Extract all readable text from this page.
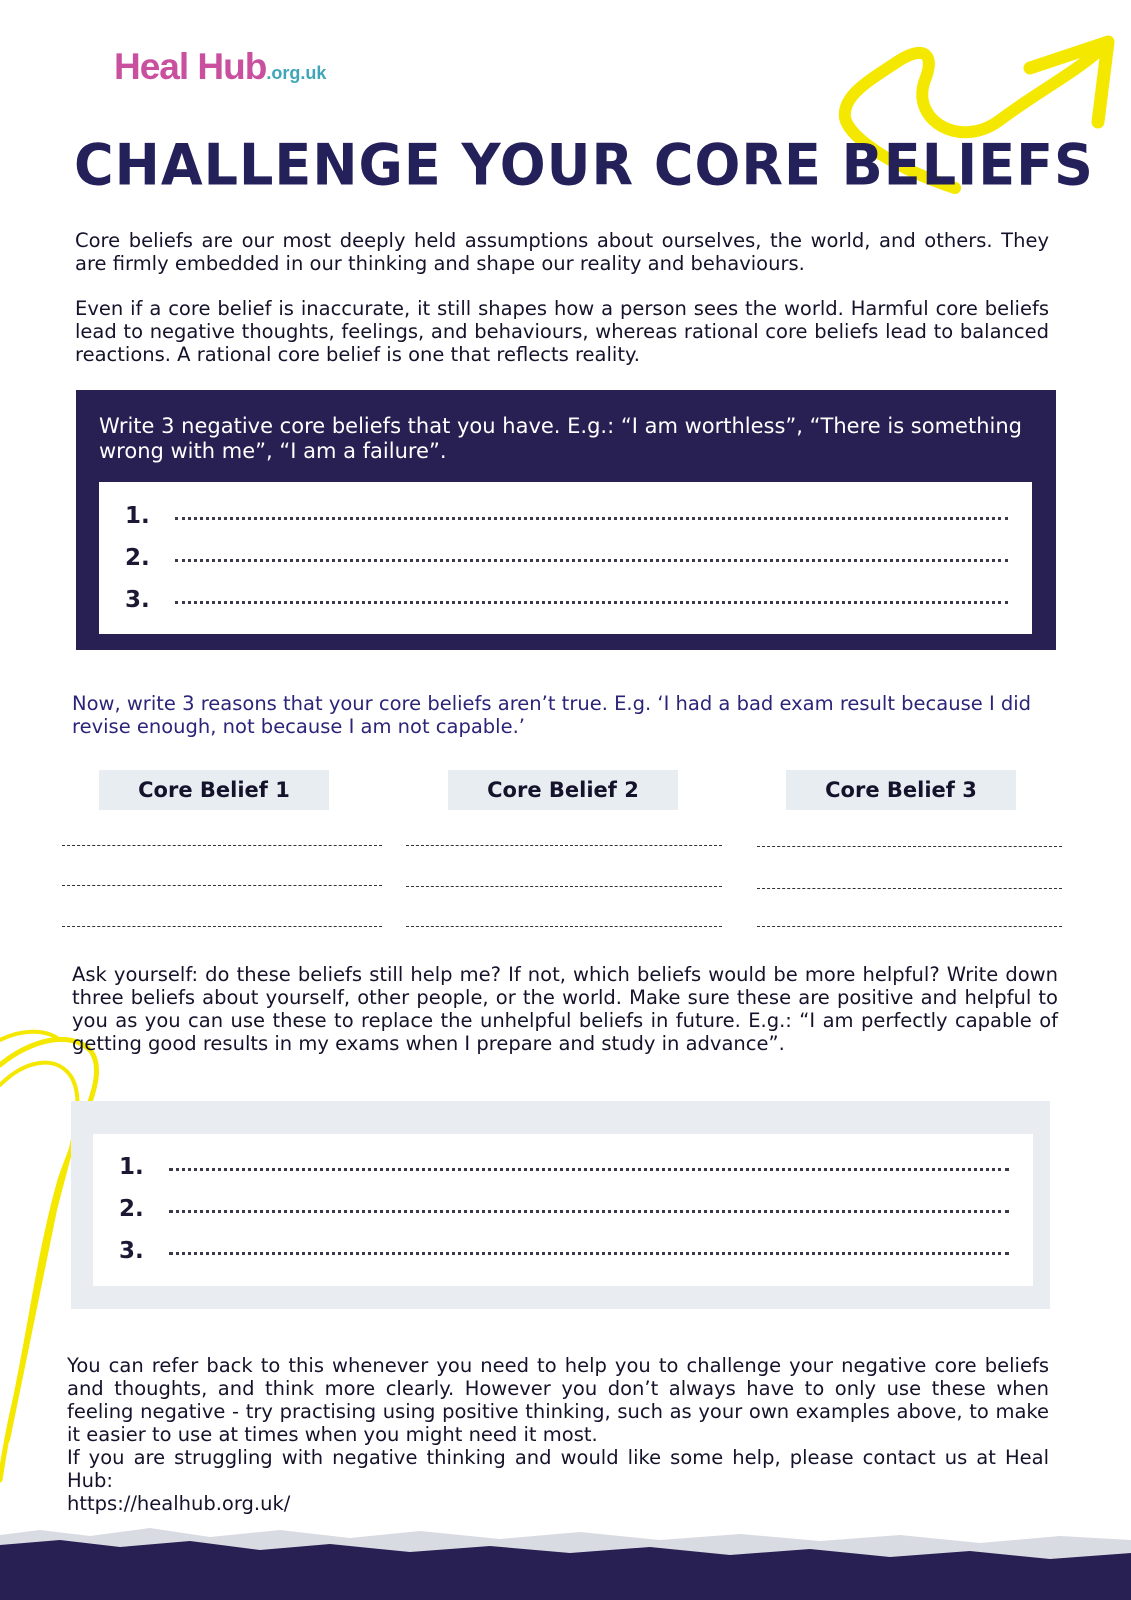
Heal Hub.org.uk
CHALLENGE YOUR CORE BELIEFS

Core beliefs are our most deeply held assumptions about ourselves, the world, and others. They are firmly embedded in our thinking and shape our reality and behaviours.

Even if a core belief is inaccurate, it still shapes how a person sees the world. Harmful core beliefs lead to negative thoughts, feelings, and behaviours, whereas rational core beliefs lead to balanced reactions. A rational core belief is one that reflects reality.

Write 3 negative core beliefs that you have. E.g.: “I am worthless”, “There is something wrong with me”, “I am a failure”.

1.
2.
3.

Now, write 3 reasons that your core beliefs aren’t true. E.g. ‘I had a bad exam result because I did revise enough, not because I am not capable.’

Core Belief 1	Core Belief 2	Core Belief 3

Ask yourself: do these beliefs still help me? If not, which beliefs would be more helpful? Write down three beliefs about yourself, other people, or the world. Make sure these are positive and helpful to you as you can use these to replace the unhelpful beliefs in future. E.g.: “I am perfectly capable of getting good results in my exams when I prepare and study in advance”.

1.
2.
3.

You can refer back to this whenever you need to help you to challenge your negative core beliefs and thoughts, and think more clearly. However you don’t always have to only use these when feeling negative - try practising using positive thinking, such as your own examples above, to make it easier to use at times when you might need it most.

If you are struggling with negative thinking and would like some help, please contact us at Heal Hub:

https://healhub.org.uk/
